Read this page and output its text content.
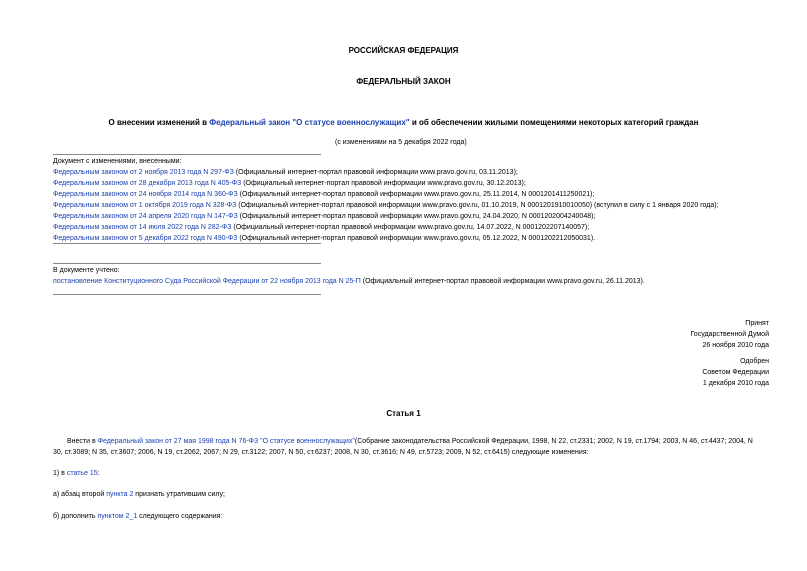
РОССИЙСКАЯ ФЕДЕРАЦИЯ
ФЕДЕРАЛЬНЫЙ ЗАКОН
О внесении изменений в Федеральный закон "О статусе военнослужащих" и об обеспечении жилыми помещениями некоторых категорий граждан
(с изменениями на 5 декабря 2022 года)
Документ с изменениями, внесенными:
Федеральным законом от 2 ноября 2013 года N 297-ФЗ (Официальный интернет-портал правовой информации www.pravo.gov.ru, 03.11.2013);
Федеральным законом от 28 декабря 2013 года N 405-ФЗ (Официальный интернет-портал правовой информации www.pravo.gov.ru, 30.12.2013);
Федеральным законом от 24 ноября 2014 года N 360-ФЗ (Официальный интернет-портал правовой информации www.pravo.gov.ru, 25.11.2014, N 0001201411250021);
Федеральным законом от 1 октября 2019 года N 328-ФЗ (Официальный интернет-портал правовой информации www.pravo.gov.ru, 01.10.2019, N 0001201910010050) (вступил в силу с 1 января 2020 года);
Федеральным законом от 24 апреля 2020 года N 147-ФЗ (Официальный интернет-портал правовой информации www.pravo.gov.ru, 24.04.2020, N 0001202004240048);
Федеральным законом от 14 июля 2022 года N 282-ФЗ (Официальный интернет-портал правовой информации www.pravo.gov.ru, 14.07.2022, N 0001202207140057);
Федеральным законом от 5 декабря 2022 года N 490-ФЗ (Официальный интернет-портал правовой информации www.pravo.gov.ru, 05.12.2022, N 0001202212050031).
В документе учтено:
постановление Конституционного Суда Российской Федерации от 22 ноября 2013 года N 25-П (Официальный интернет-портал правовой информации www.pravo.gov.ru, 26.11.2013).
Принят
Государственной Думой
26 ноября 2010 года
Одобрен
Советом Федерации
1 декабря 2010 года
Статья 1
Внести в Федеральный закон от 27 мая 1998 года N 76-ФЗ "О статусе военнослужащих"(Собрание законодательства Российской Федерации, 1998, N 22, ст.2331; 2002, N 19, ст.1794; 2003, N 46, ст.4437; 2004, N
30, ст.3089; N 35, ст.3607; 2006, N 19, ст.2062, 2067; N 29, ст.3122; 2007, N 50, ст.6237; 2008, N 30, ст.3616; N 49, ст.5723; 2009, N 52, ст.6415) следующие изменения:
1) в статье 15:
а) абзац второй пункта 2 признать утратившим силу;
б) дополнить пунктом 2_1 следующего содержания:
